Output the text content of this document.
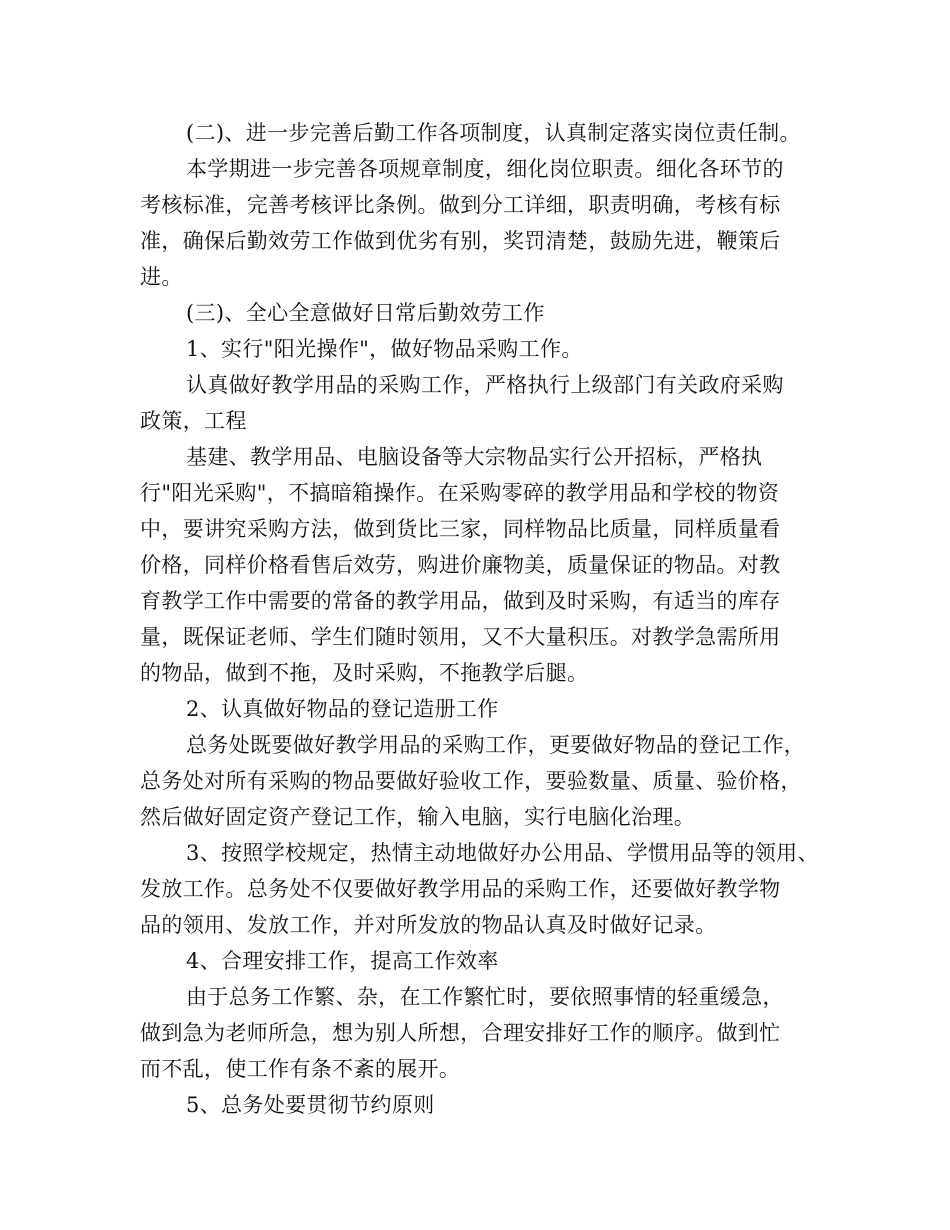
(二)、进一步完善后勤工作各项制度，认真制定落实岗位责任制。
本学期进一步完善各项规章制度，细化岗位职责。细化各环节的
考核标准，完善考核评比条例。做到分工详细，职责明确，考核有标
准，确保后勤效劳工作做到优劣有别，奖罚清楚，鼓励先进，鞭策后
进。
(三)、全心全意做好日常后勤效劳工作
1、实行"阳光操作"，做好物品采购工作。
认真做好教学用品的采购工作，严格执行上级部门有关政府采购
政策，工程
基建、教学用品、电脑设备等大宗物品实行公开招标，严格执
行"阳光采购"，不搞暗箱操作。在采购零碎的教学用品和学校的物资
中，要讲究采购方法，做到货比三家，同样物品比质量，同样质量看
价格，同样价格看售后效劳，购进价廉物美，质量保证的物品。对教
育教学工作中需要的常备的教学用品，做到及时采购，有适当的库存
量，既保证老师、学生们随时领用，又不大量积压。对教学急需所用
的物品，做到不拖，及时采购，不拖教学后腿。
2、认真做好物品的登记造册工作
总务处既要做好教学用品的采购工作，更要做好物品的登记工作，
总务处对所有采购的物品要做好验收工作，要验数量、质量、验价格，
然后做好固定资产登记工作，输入电脑，实行电脑化治理。
3、按照学校规定，热情主动地做好办公用品、学惯用品等的领用、
发放工作。总务处不仅要做好教学用品的采购工作，还要做好教学物
品的领用、发放工作，并对所发放的物品认真及时做好记录。
4、合理安排工作，提高工作效率
由于总务工作繁、杂，在工作繁忙时，要依照事情的轻重缓急，
做到急为老师所急，想为别人所想，合理安排好工作的顺序。做到忙
而不乱，使工作有条不紊的展开。
5、总务处要贯彻节约原则
